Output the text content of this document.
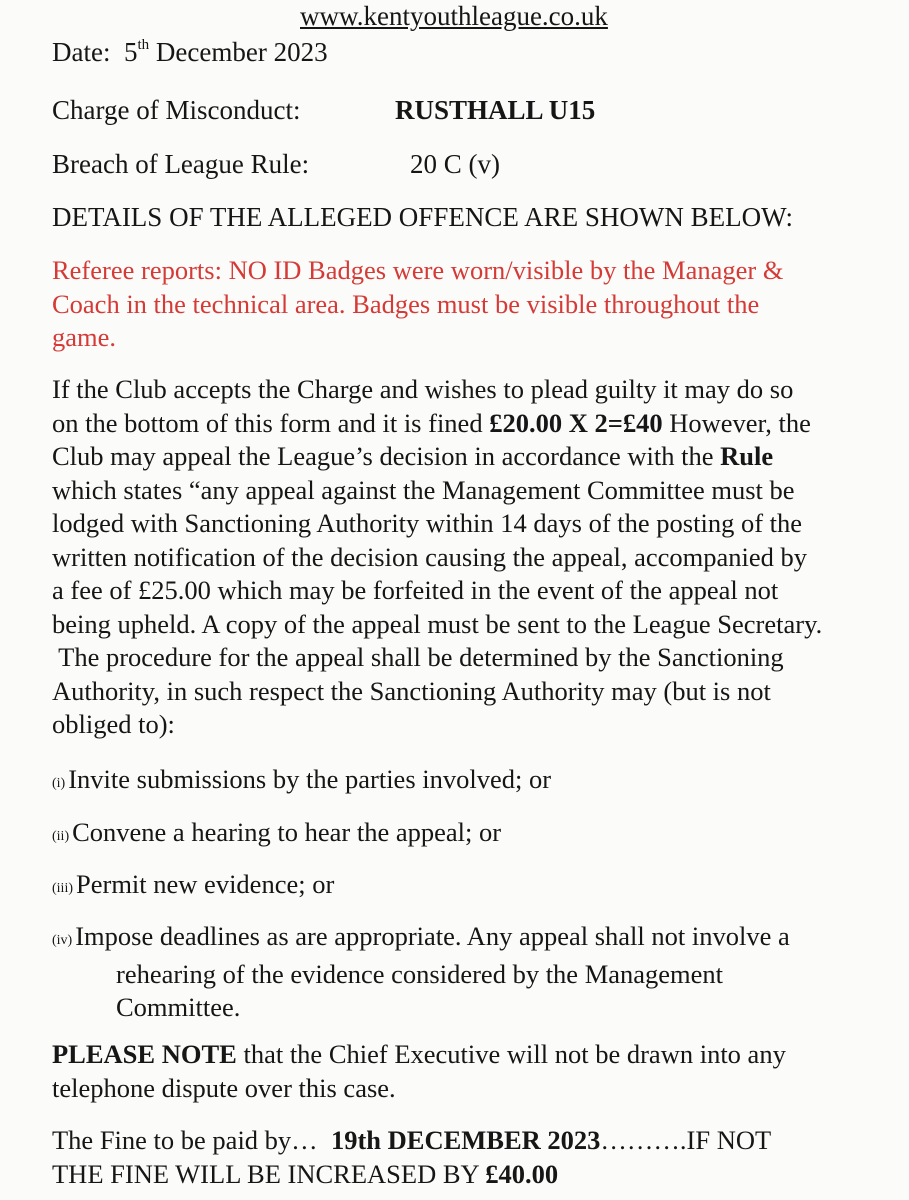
www.kentyouthleague.co.uk
Date: 5th December 2023
Charge of Misconduct:	RUSTHALL U15
Breach of League Rule:	20 C (v)
DETAILS OF THE ALLEGED OFFENCE ARE SHOWN BELOW:
Referee reports: NO ID Badges were worn/visible by the Manager &
Coach in the technical area. Badges must be visible throughout the
game.
If the Club accepts the Charge and wishes to plead guilty it may do so
on the bottom of this form and it is fined £20.00 X 2=£40 However, the
Club may appeal the League’s decision in accordance with the Rule
which states “any appeal against the Management Committee must be
lodged with Sanctioning Authority within 14 days of the posting of the
written notification of the decision causing the appeal, accompanied by
a fee of £25.00 which may be forfeited in the event of the appeal not
being upheld. A copy of the appeal must be sent to the League Secretary.
The procedure for the appeal shall be determined by the Sanctioning
Authority, in such respect the Sanctioning Authority may (but is not
obliged to):
(i) Invite submissions by the parties involved; or
(ii) Convene a hearing to hear the appeal; or
(iii) Permit new evidence; or
(iv) Impose deadlines as are appropriate. Any appeal shall not involve a
rehearing of the evidence considered by the Management
Committee.
PLEASE NOTE that the Chief Executive will not be drawn into any
telephone dispute over this case.
The Fine to be paid by…  19th DECEMBER 2023……….IF NOT
THE FINE WILL BE INCREASED BY £40.00
